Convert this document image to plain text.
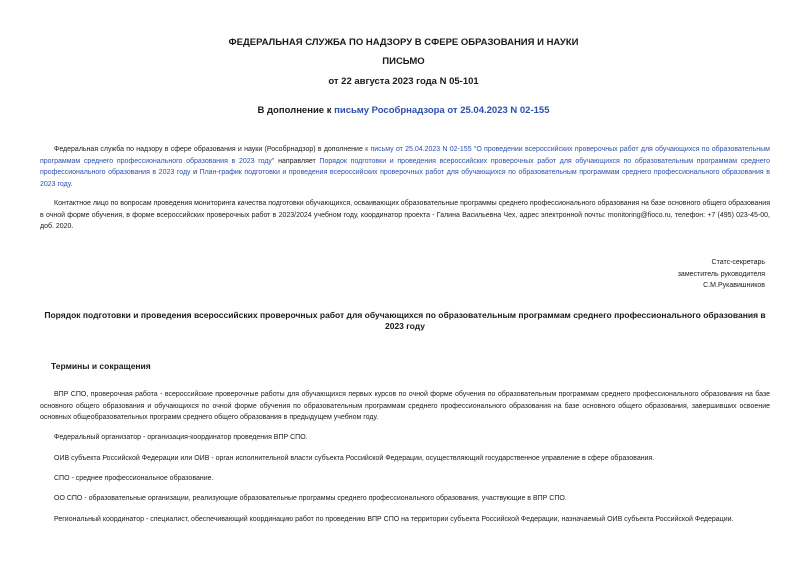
ФЕДЕРАЛЬНАЯ СЛУЖБА ПО НАДЗОРУ В СФЕРЕ ОБРАЗОВАНИЯ И НАУКИ
ПИСЬМО
от 22 августа 2023 года N 05-101
В дополнение к письму Рособрнадзора от 25.04.2023 N 02-155
Федеральная служба по надзору в сфере образования и науки (Рособрнадзор) в дополнение к письму от 25.04.2023 N 02-155 "О проведении всероссийских проверочных работ для обучающихся по образовательным программам среднего профессионального образования в 2023 году" направляет Порядок подготовки и проведения всероссийских проверочных работ для обучающихся по образовательным программам среднего профессионального образования в 2023 году и План-график подготовки и проведения всероссийских проверочных работ для обучающихся по образовательным программам среднего профессионального образования в 2023 году.
Контактное лицо по вопросам проведения мониторинга качества подготовки обучающихся, осваивающих образовательные программы среднего профессионального образования на базе основного общего образования в очной форме обучения, в форме всероссийских проверочных работ в 2023/2024 учебном году, координатор проекта - Галина Васильевна Чех, адрес электронной почты: monitoring@fioco.ru, телефон: +7 (495) 023-45-00, доб. 2020.
Статс-секретарь
заместитель руководителя
С.М.Рукавишников
Порядок подготовки и проведения всероссийских проверочных работ для обучающихся по образовательным программам среднего профессионального образования в 2023 году
Термины и сокращения
ВПР СПО, проверочная работа - всероссийские проверочные работы для обучающихся первых курсов по очной форме обучения по образовательным программам среднего профессионального образования на базе основного общего образования и обучающихся по очной форме обучения по образовательным программам среднего профессионального образования на базе основного общего образования, завершивших освоение основных общеобразовательных программ среднего общего образования в предыдущем учебном году.
Федеральный организатор - организация-координатор проведения ВПР СПО.
ОИВ субъекта Российской Федерации или ОИВ - орган исполнительной власти субъекта Российской Федерации, осуществляющий государственное управление в сфере образования.
СПО - среднее профессиональное образование.
ОО СПО - образовательные организации, реализующие образовательные программы среднего профессионального образования, участвующие в ВПР СПО.
Региональный координатор - специалист, обеспечивающий координацию работ по проведению ВПР СПО на территории субъекта Российской Федерации, назначаемый ОИВ субъекта Российской Федерации.
